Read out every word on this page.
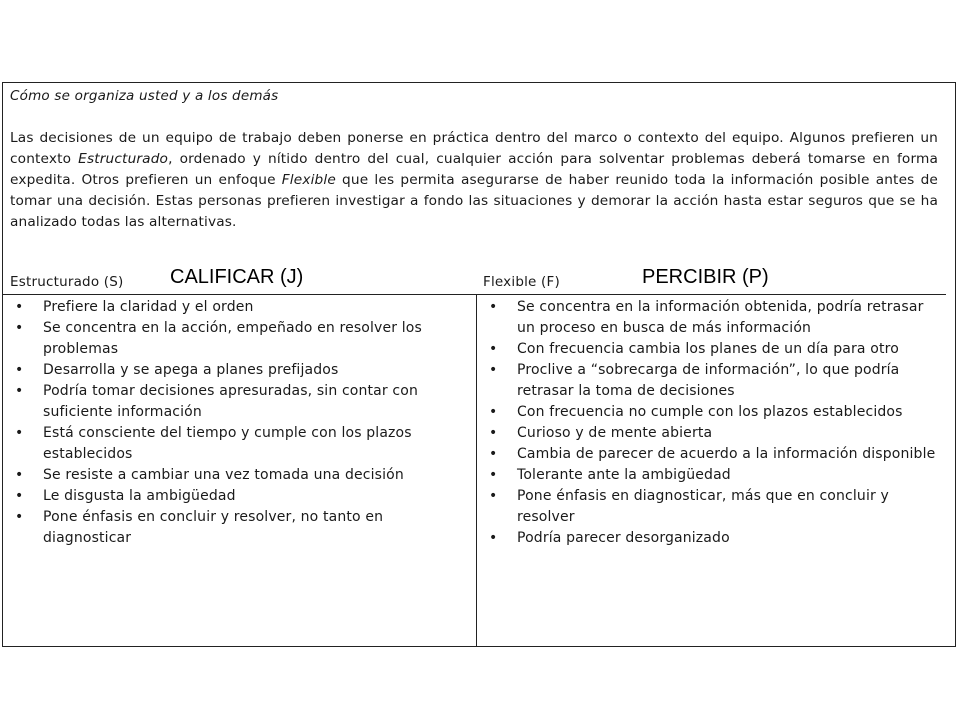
Cómo se organiza usted y a los demás
Las decisiones de un equipo de trabajo deben ponerse en práctica dentro del marco o contexto del equipo. Algunos prefieren un contexto Estructurado, ordenado y nítido dentro del cual, cualquier acción para solventar problemas deberá tomarse en forma expedita. Otros prefieren un enfoque Flexible que les permita asegurarse de haber reunido toda la información posible antes de tomar una decisión. Estas personas prefieren investigar a fondo las situaciones y demorar la acción hasta estar seguros que se ha analizado todas las alternativas.
Estructurado (S) CALIFICAR (J)	Flexible (F)	PERCIBIR (P)
• Prefiere la claridad y el orden
• Se concentra en la acción, empeñado en resolver los problemas
• Desarrolla y se apega a planes prefijados
• Podría tomar decisiones apresuradas, sin contar con suficiente información
• Está consciente del tiempo y cumple con los plazos establecidos
• Se resiste a cambiar una vez tomada una decisión
• Le disgusta la ambigüedad
• Pone énfasis en concluir y resolver, no tanto en diagnosticar
• Se concentra en la información obtenida, podría retrasar un proceso en busca de más información
• Con frecuencia cambia los planes de un día para otro
• Proclive a “sobrecarga de información”, lo que podría retrasar la toma de decisiones
• Con frecuencia no cumple con los plazos establecidos
• Curioso y de mente abierta
• Cambia de parecer de acuerdo a la información disponible
• Tolerante ante la ambigüedad
• Pone énfasis en diagnosticar, más que en concluir y resolver
• Podría parecer desorganizado
